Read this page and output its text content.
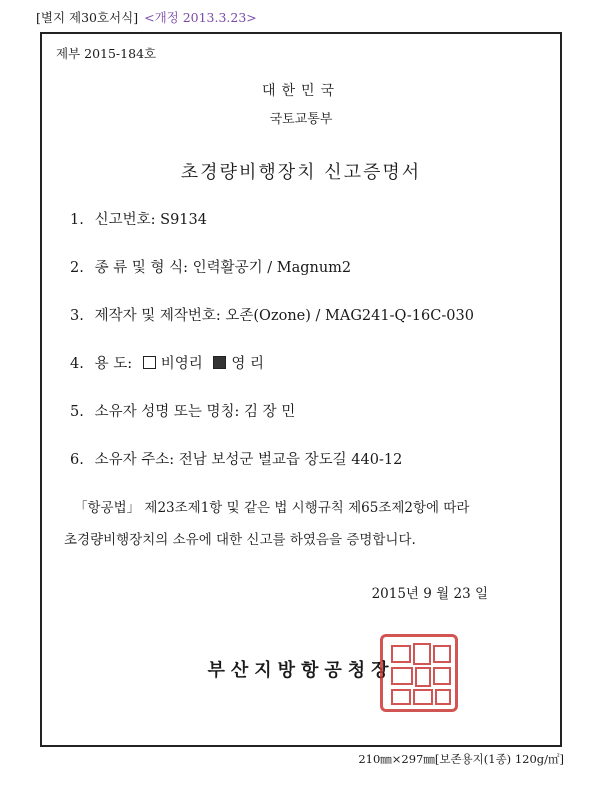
[별지 제30호서식] <개정 2013.3.23>
제부 2015-184호
대한민국
국토교통부
초경량비행장치 신고증명서
1. 신고번호: S9134
2. 종 류 및 형 식: 인력활공기 / Magnum2
3. 제작자 및 제작번호: 오존(Ozone) / MAG241-Q-16C-030
4. 용 도: 비영리 영 리
5. 소유자 성명 또는 명칭: 김 장 민
6. 소유자 주소: 전남 보성군 벌교읍 장도길 440-12
「항공법」 제23조제1항 및 같은 법 시행규칙 제65조제2항에 따라
초경량비행장치의 소유에 대한 신고를 하였음을 증명합니다.
2015년 9 월 23 일
부산지방항공청장
210㎜×297㎜[보존용지(1종) 120g/㎡]
